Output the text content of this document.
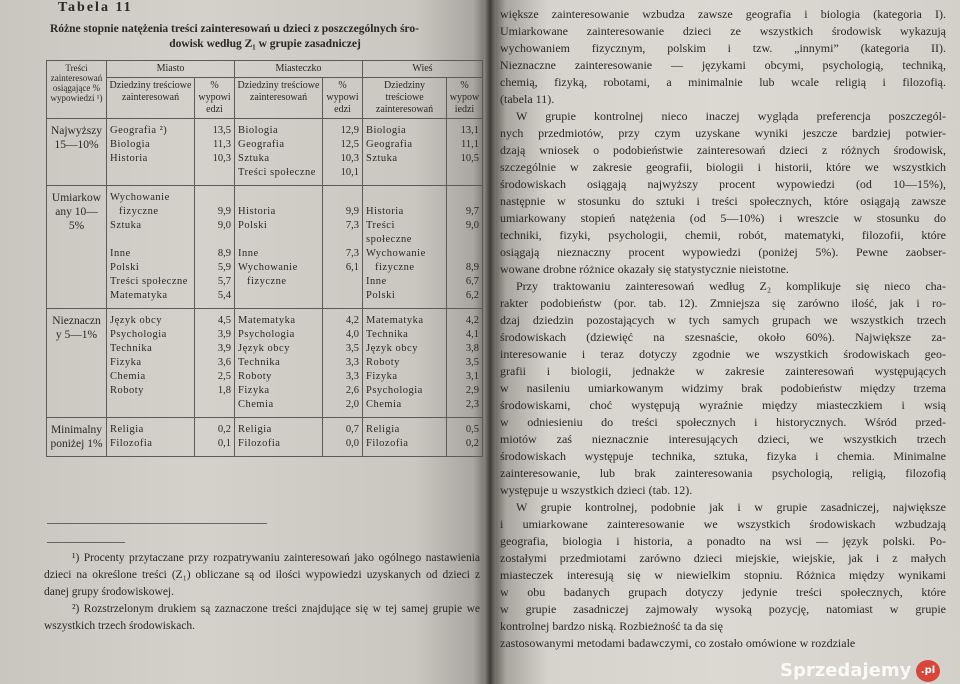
Tabela 11
Różne stopnie natężenia treści zainteresowań u dzieci z poszczególnych śro-
dowisk według Z₁ w grupie zasadniczej
Treści zainteresowań osiągające % wypowiedzi ¹)	Miasto		Miasteczko		Wieś	
	Dziedziny treściowe zainteresowań	% wypowiedzi	Dziedziny treściowe zainteresowań	% wypowiedzi	Dziedziny treściowe zainteresowań	% wypowiedzi
Najwyższy 15—10%	Geografia ²)	13,5	Biologia	12,9	Biologia	13,1
	Biologia	11,3	Geografia	12,5	Geografia	11,1
	Historia	10,3	Sztuka	10,3	Sztuka	10,5
			Treści społeczne	10,1		
Umiarkowany 10—5%	Wychowanie					
	fizyczne	9,9	Historia	9,9	Historia	9,7
	Sztuka	9,0	Polski	7,3	Treści społeczne	9,0
	Inne	8,9	Inne	7,3	Wychowanie	
	Polski	5,9	Wychowanie	6,1	fizyczne	8,9
	Treści społeczne	5,7	fizyczne		Inne	6,7
	Matematyka	5,4			Polski	6,2
Nieznaczny 5—1%	Język obcy	4,5	Matematyka	4,2	Matematyka	4,2
	Psychologia	3,9	Psychologia	4,0	Technika	4,1
	Technika	3,9	Język obcy	3,5	Język obcy	3,8
	Fizyka	3,6	Technika	3,3	Roboty	3,5
	Chemia	2,5	Roboty	3,3	Fizyka	3,1
	Roboty	1,8	Fizyka	2,6	Psychologia	2,9
			Chemia	2,0	Chemia	2,3
Minimalny poniżej 1%	Religia	0,2	Religia	0,7	Religia	0,5
	Filozofia	0,1	Filozofia	0,0	Filozofia	0,2

¹) Procenty przytaczane przy rozpatrywaniu zainteresowań jako ogólnego nastawienia dzieci na określone treści (Z₁) obliczane są od ilości wypowiedzi uzyskanych od dzieci z danej grupy środowiskowej.

²) Rozstrzelonym drukiem są zaznaczone treści znajdujące się w tej samej grupie we wszystkich trzech środowiskach.

większe zainteresowanie wzbudza zawsze geografia i biologia (kategoria I).
Umiarkowane zainteresowanie dzieci ze wszystkich środowisk wykazują
wychowaniem fizycznym, polskim i tzw. „innymi” (kategoria II).
Nieznaczne zainteresowanie — językami obcymi, psychologią, techniką,
chemią, fizyką, robotami, a minimalnie lub wcale religią i filozofią.
(tabela 11).
W grupie kontrolnej nieco inaczej wygląda preferencja poszczegól-
nych przedmiotów, przy czym uzyskane wyniki jeszcze bardziej potwier-
dzają wniosek o podobieństwie zainteresowań dzieci z różnych środowisk,
szczególnie w zakresie geografii, biologii i historii, które we wszystkich
środowiskach osiągają najwyższy procent wypowiedzi (od 10—15%),
następnie w stosunku do sztuki i treści społecznych, które osiągają zawsze
umiarkowany stopień natężenia (od 5—10%) i wreszcie w stosunku do
techniki, fizyki, psychologii, chemii, robót, matematyki, filozofii, które
osiągają nieznaczny procent wypowiedzi (poniżej 5%). Pewne zaobser-
wowane drobne różnice okazały się statystycznie nieistotne.
Przy traktowaniu zainteresowań według Z₂ komplikuje się nieco cha-
rakter podobieństw (por. tab. 12). Zmniejsza się zarówno ilość, jak i ro-
dzaj dziedzin pozostających w tych samych grupach we wszystkich trzech
środowiskach (dziewięć na szesnaście, około 60%). Największe za-
interesowanie i teraz dotyczy zgodnie we wszystkich środowiskach geo-
grafii i biologii, jednakże w zakresie zainteresowań występujących
w nasileniu umiarkowanym widzimy brak podobieństw między trzema
środowiskami, choć występują wyraźnie między miasteczkiem i wsią
w odniesieniu do treści społecznych i historycznych. Wśród przed-
miotów zaś nieznacznie interesujących dzieci, we wszystkich trzech
środowiskach występuje technika, sztuka, fizyka i chemia. Minimalne
zainteresowanie, lub brak zainteresowania psychologią, religią, filozofią
występuje u wszystkich dzieci (tab. 12).
W grupie kontrolnej, podobnie jak i w grupie zasadniczej, największe
i umiarkowane zainteresowanie we wszystkich środowiskach wzbudzają
geografia, biologia i historia, a ponadto na wsi — język polski. Po-
zostałymi przedmiotami zarówno dzieci miejskie, wiejskie, jak i z małych
miasteczek interesują się w niewielkim stopniu. Różnica między wynikami
w obu badanych grupach dotyczy jedynie treści społecznych, które
w grupie zasadniczej zajmowały wysoką pozycję, natomiast w grupie
kontrolnej bardzo niską. Rozbieżność ta da się
zastosowanymi metodami badawczymi, co zostało omówione w rozdziale
Sprzedajemy .pl
